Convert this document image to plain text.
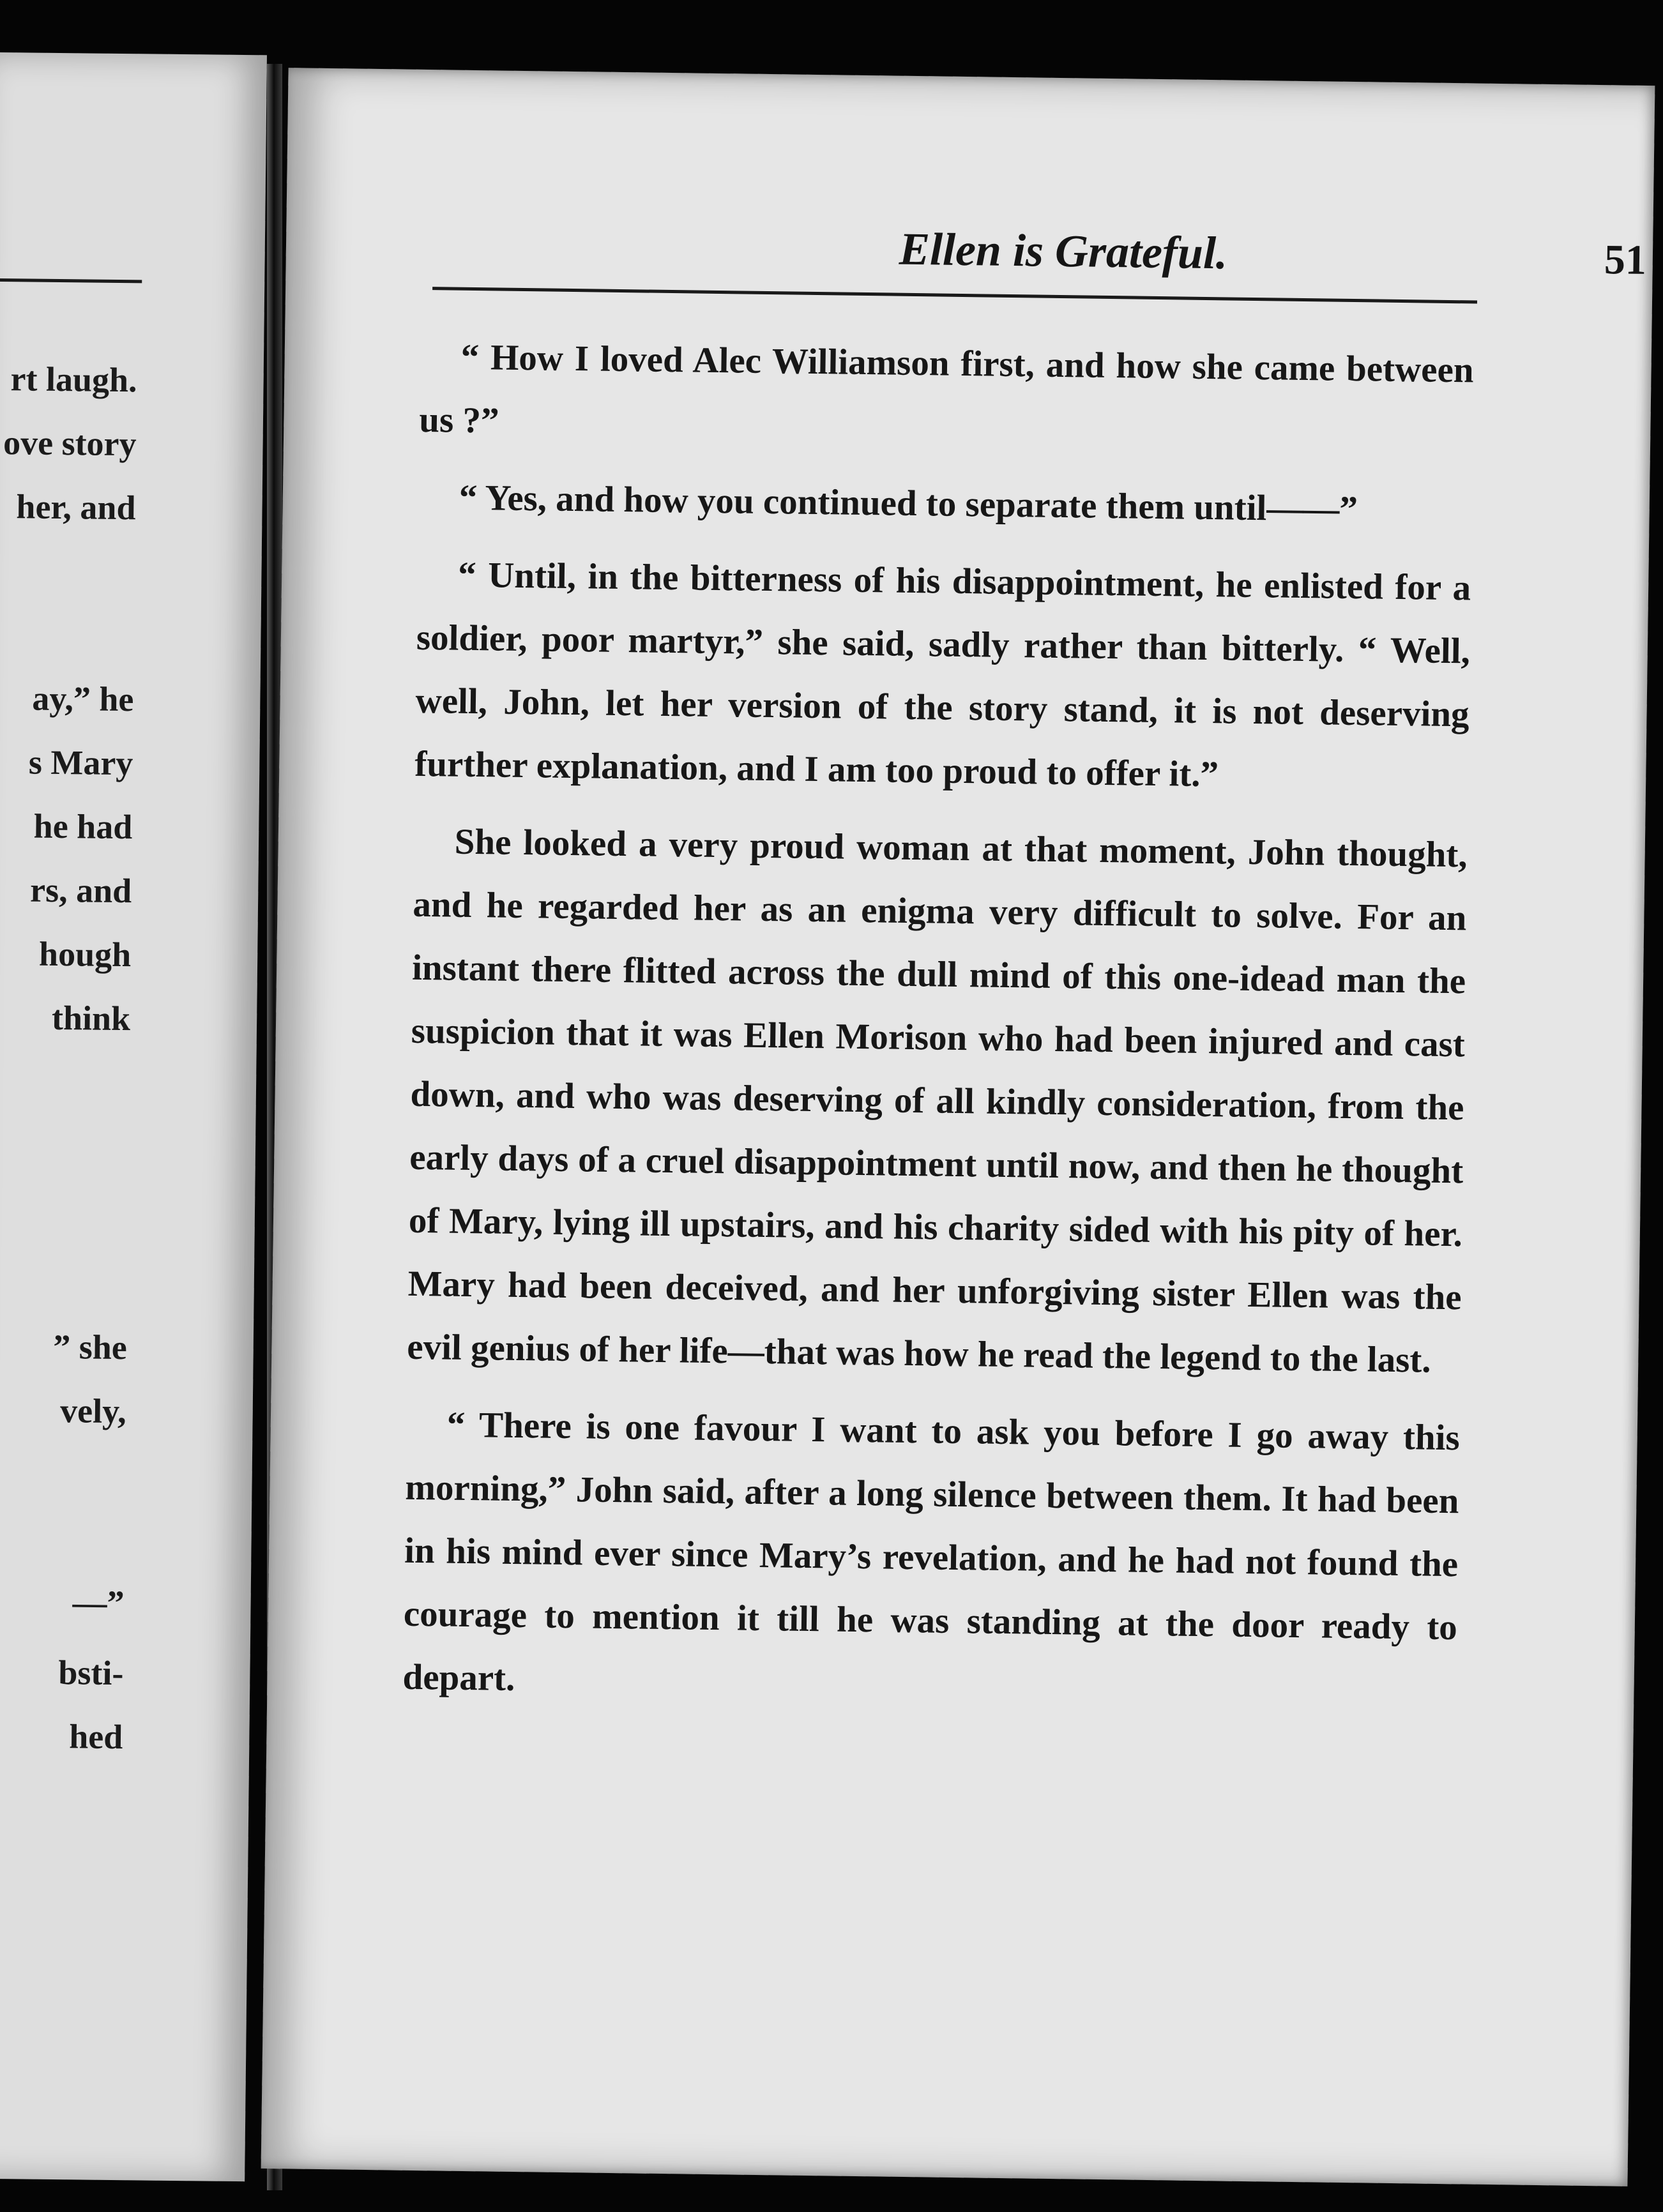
rt laugh.
ove story
her, and
ay,” he
s Mary
he had
rs, and
hough
think
” she
vely,
—”
bsti-
hed
Ellen is Grateful.	51

“ How I loved Alec Williamson first, and how she came between us ?”

“ Yes, and how you continued to separate them until——”

“ Until, in the bitterness of his disappointment, he enlisted for a soldier, poor martyr,” she said, sadly rather than bitterly. “ Well, well, John, let her version of the story stand, it is not deserving further explanation, and I am too proud to offer it.”

She looked a very proud woman at that moment, John thought, and he regarded her as an enigma very difficult to solve. For an instant there flitted across the dull mind of this one-idead man the suspicion that it was Ellen Morison who had been injured and cast down, and who was deserving of all kindly consideration, from the early days of a cruel disappointment until now, and then he thought of Mary, lying ill upstairs, and his charity sided with his pity of her. Mary had been deceived, and her unforgiving sister Ellen was the evil genius of her life—that was how he read the legend to the last.

“ There is one favour I want to ask you before I go away this morning,” John said, after a long silence between them. It had been in his mind ever since Mary’s revelation, and he had not found the courage to mention it till he was standing at the door ready to depart.
